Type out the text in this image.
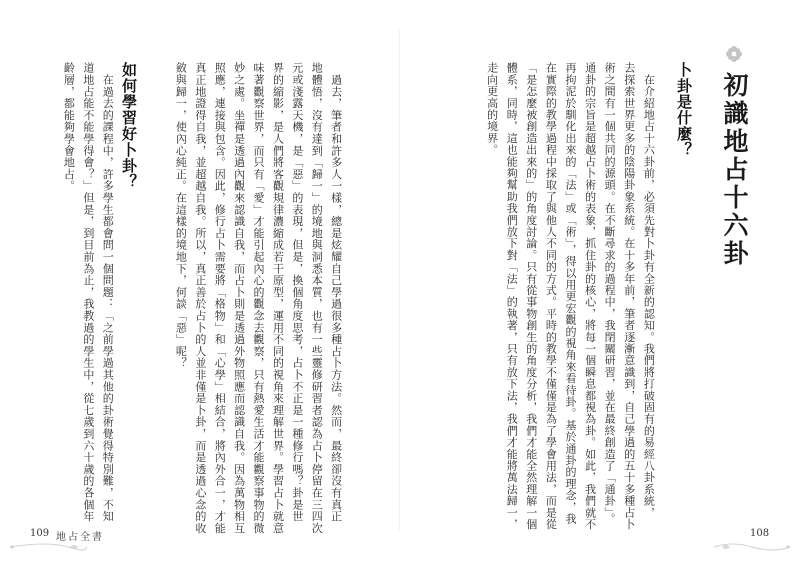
初識地占十六卦
卜卦是什麼？
　在介紹地占十六卦前，必須先對卜卦有全新的認知。我們將打破固有的易經八卦系統，
去探索世界更多的陰陽卦象系統。在十多年前，筆者逐漸意識到，自己學過的五十多種占卜
術之間有一個共同的源頭。在不斷尋求的過程中，我閉關研習，並在最終創造了「通卦」。
通卦的宗旨是超越占卜術的表象，抓住卦的核心，將每一個瞬息都視為卦。如此，我們就不
再拘泥於馴化出來的「法」或「術」，得以用更宏觀的視角來看待卦。基於通卦的理念，我
在實際的教學過程中採取了與他人不同的方式。平時的教學不僅僅是為了學會用法，而是從
「是怎麼被創造出來的」的角度討論。只有從事物創生的角度分析，我們才能全然理解一個
體系，同時，這也能夠幫助我們放下對「法」的執著，只有放下法，我們才能將萬法歸一，
走向更高的境界。
108
　過去，筆者和許多人一樣，總是炫耀自己學過很多種占卜方法。然而，最終卻沒有真正
地體悟，沒有達到「歸一」的境地與洞悉本質，也有一些靈修研習者認為占卜停留在三四次
元或淺露天機，是「惡」的表現，但是，換個角度思考，占卜不正是一種修行嗎？卦是世
界的縮影，是人們將客觀規律濃縮成若干原型，運用不同的視角來理解世界。學習占卜就意
味著觀察世界，而只有「愛」才能引起內心的觀念去觀察，只有熱愛生活才能觀察事物的微
妙之處。坐禪是透過內觀來認識自我，而占卜則是透過外物照應而認識自我。因為萬物相互
照應，連接與包含。因此，修行占卜需要將「格物」和「心學」相結合，將內外合一，才能
真正地證得自我，並超越自我。所以，真正善於占卜的人並非僅是卜卦，而是透過心念的收
斂與歸一，使內心純正。在這樣的境地下，何談「惡」呢？
如何學習好卜卦？
　在過去的課程中，許多學生都會問一個問題：「之前學過其他的卦術覺得特別難，不知
道地占能不能學得會？」但是，到目前為止，我教過的學生中，從七歲到六十歲的各個年
齡層，都能夠學會地占。
109 地占全書
